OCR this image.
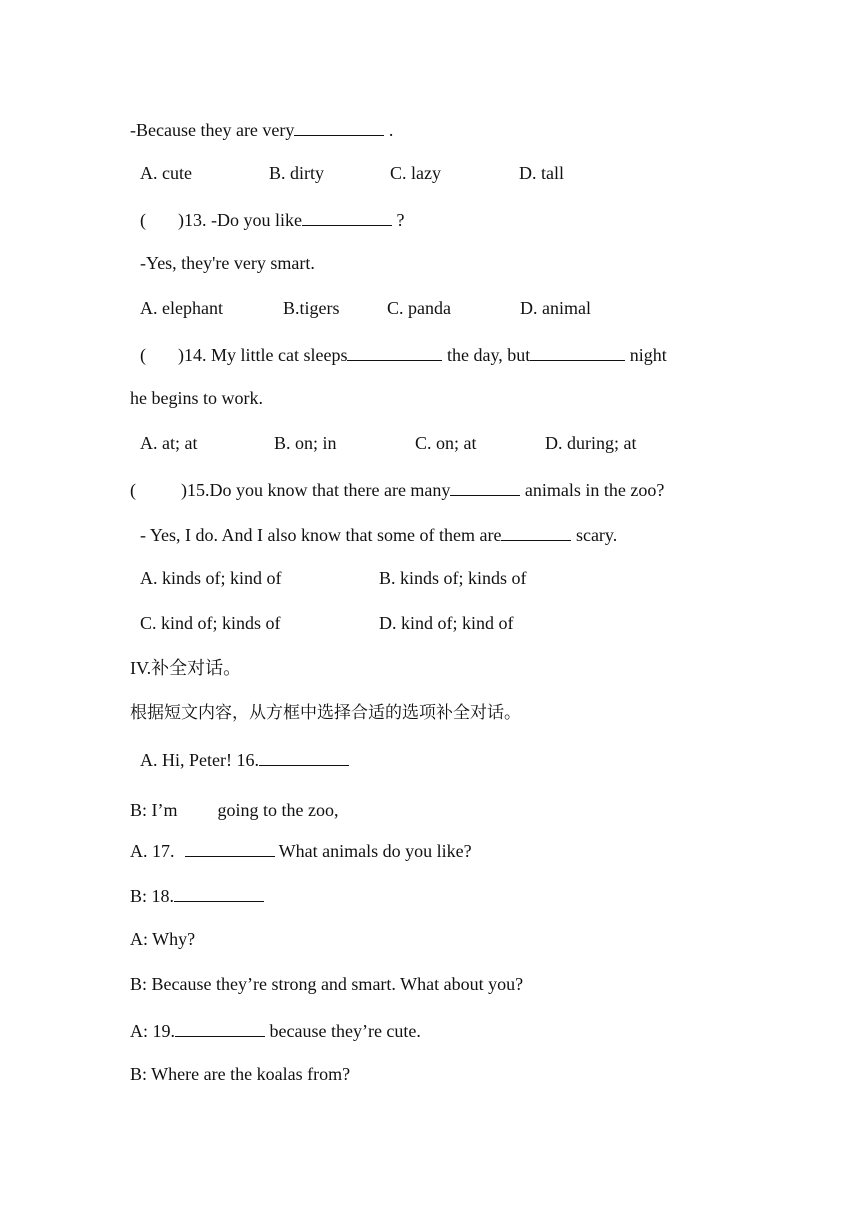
-Because they are very	.
A. cute	B. dirty	C. lazy	D. tall
( )13. -Do you like	?
-Yes, they're very smart.
A. elephant	B.tigers	C. panda	D. animal
( )14. My little cat sleeps	the day, but	night
he begins to work.
A. at; at	B. on; in	C. on; at	D. during; at
(	)15.Do you know that there are many	animals in the zoo?
- Yes, I do. And I also know that some of them are	scary.
A. kinds of; kind of	B. kinds of; kinds of
C. kind of; kinds of	D. kind of; kind of
IV.补全对话。
根据短文内容，从方框中选择合适的选项补全对话。
A. Hi, Peter! 16.
B: I’m going to the zoo,
A. 17.	What animals do you like?
B: 18.
A: Why?
B: Because they’re strong and smart. What about you?
A: 19.	because they’re cute.
B: Where are the koalas from?
